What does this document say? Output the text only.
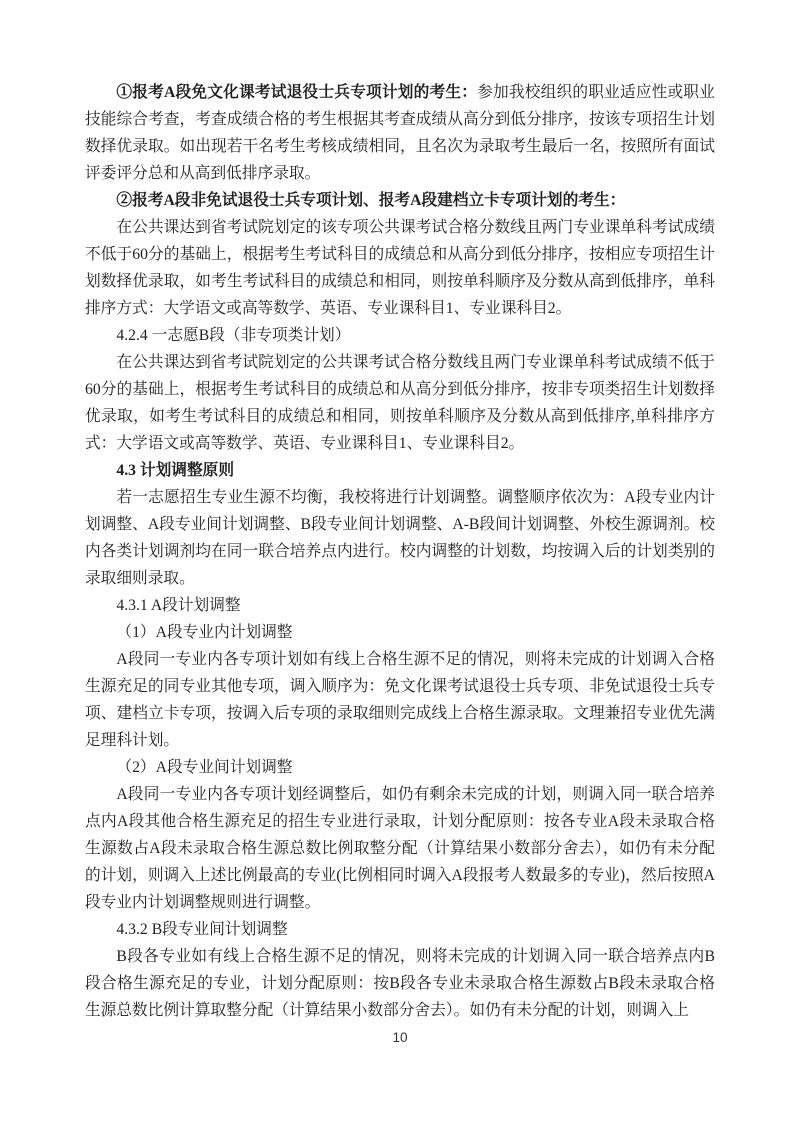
①报考A段免文化课考试退役士兵专项计划的考生：参加我校组织的职业适应性或职业技能综合考查，考查成绩合格的考生根据其考查成绩从高分到低分排序，按该专项招生计划数择优录取。如出现若干名考生考核成绩相同，且名次为录取考生最后一名，按照所有面试评委评分总和从高到低排序录取。

②报考A段非免试退役士兵专项计划、报考A段建档立卡专项计划的考生：

在公共课达到省考试院划定的该专项公共课考试合格分数线且两门专业课单科考试成绩不低于60分的基础上，根据考生考试科目的成绩总和从高分到低分排序，按相应专项招生计划数择优录取，如考生考试科目的成绩总和相同，则按单科顺序及分数从高到低排序，单科排序方式：大学语文或高等数学、英语、专业课科目1、专业课科目2。

4.2.4 一志愿B段（非专项类计划）

在公共课达到省考试院划定的公共课考试合格分数线且两门专业课单科考试成绩不低于60分的基础上，根据考生考试科目的成绩总和从高分到低分排序，按非专项类招生计划数择优录取，如考生考试科目的成绩总和相同，则按单科顺序及分数从高到低排序,单科排序方式：大学语文或高等数学、英语、专业课科目1、专业课科目2。

4.3 计划调整原则

若一志愿招生专业生源不均衡，我校将进行计划调整。调整顺序依次为：A段专业内计划调整、A段专业间计划调整、B段专业间计划调整、A-B段间计划调整、外校生源调剂。校内各类计划调剂均在同一联合培养点内进行。校内调整的计划数，均按调入后的计划类别的录取细则录取。

4.3.1 A段计划调整

（1）A段专业内计划调整

A段同一专业内各专项计划如有线上合格生源不足的情况，则将未完成的计划调入合格生源充足的同专业其他专项，调入顺序为：免文化课考试退役士兵专项、非免试退役士兵专项、建档立卡专项，按调入后专项的录取细则完成线上合格生源录取。文理兼招专业优先满足理科计划。

（2）A段专业间计划调整

A段同一专业内各专项计划经调整后，如仍有剩余未完成的计划，则调入同一联合培养点内A段其他合格生源充足的招生专业进行录取，计划分配原则：按各专业A段未录取合格生源数占A段未录取合格生源总数比例取整分配（计算结果小数部分舍去），如仍有未分配的计划，则调入上述比例最高的专业(比例相同时调入A段报考人数最多的专业)，然后按照A段专业内计划调整规则进行调整。

4.3.2 B段专业间计划调整

B段各专业如有线上合格生源不足的情况，则将未完成的计划调入同一联合培养点内B段合格生源充足的专业，计划分配原则：按B段各专业未录取合格生源数占B段未录取合格生源总数比例计算取整分配（计算结果小数部分舍去）。如仍有未分配的计划，则调入上

10
